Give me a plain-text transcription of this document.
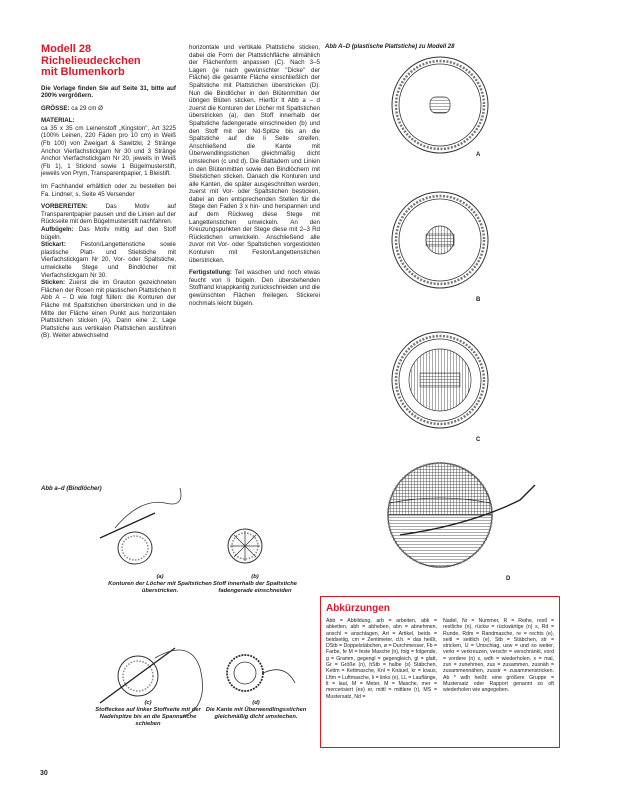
Modell 28
Richelieudeckchen
mit Blumenkorb

Die Vorlage finden Sie auf Seite 31, bitte auf 200% vergrößern.

GRÖSSE: ca 29 cm Ø

MATERIAL:
ca 35 x 35 cm Leinenstoff „Kingston", Art 3225 (100% Leinen, 220 Fäden pro 10 cm) in Weiß (Fb 100) von Zweigart & Sawitzki, 2 Stränge Anchor Vierfachstickgarn Nr 30 und 3 Stränge Anchor Vierfachstickgarn Nr 20, jeweils in Weiß (Fb 1), 1 Sticknd sowie 1 Bügelmusterstift, jeweils von Prym, Transparentpapier, 1 Bleistift.

Im Fachhandel erhältlich oder zu bestellen bei Fa. Lindner, s. Seite 45 Versender

VORBEREITEN:	Das Motiv auf Transparentpapier pausen und die Linien auf der Rückseite mit dem Bügelmusterstift nachfahren.
Aufbügeln: Das Motiv mittig auf den Stoff bügeln.
Stickart: Feston/Langettenstiche sowie plastische Platt- und Stielstiche mit Vierfachstickgarn Nr 20, Vor- oder Spaltstiche, umwickelte Stege und Bindlöcher mit Vierfachstickgarn Nr 30.
Sticken: Zuerst die im Grauton gezeichneten Flächen der Rosen mit plastischen Plattstichen lt Abb A – D wie folgt füllen: die Konturen der Fläche mit Spaltstichen überstricken und in die Mitte der Fläche einen Punkt aus horizontalen Plattstichen sticken (A). Dann eine 2. Lage Plattstiche aus vertikalen Plattstichen ausführen (B). Weiter abwechselnd

horizontale und vertikale Plattstiche sticken, dabei die Form der Plattstichfläche allmählich der Flächenform anpassen (C). Nach 3–5 Lagen (je nach gewünschter "Dicke" der Fläche) die gesamte Fläche einschließlich der Spaltstiche mit Plattstichen überstricken (D). Nun die Bindlöcher in den Blütenmitten der übrigen Blüten sticken. Hierfür lt Abb a – d zuerst die Konturen der Löcher mit Spaltstichen überstricken (a), den Stoff innerhalb der Spaltstiche fadengerade einschneiden (b) und den Stoff mit der Nd-Spitze bis an die Spaltstiche auf die li Seite streifen. Anschließend die Kante mit Überwendlingsstichen gleichmäßig dicht umstechen (c und d). Die Blattadern und Linien in den Blütenmitten sowie den Bindlöchern mit Stielstichen sticken. Danach die Konturen und alle Kanten, die später ausgeschnitten werden, zuerst mit Vor- oder Spaltstichen besticken, dabei an den entsprechenden Stellen für die Stege den Faden 3 x hin- und herspannen und auf dem Rückweg diese Stege mit Langettenstichen umwickeln. An den Kreuzungspunkten der Stege diese mit 2–3 Rd Rückstichen umwickeln. Anschließend alle zuvor mit Vor- oder Spaltstichen vorgestickten Konturen mit Feston/Langettenstichen überstricken.

Fertigstellung: Teil waschen und noch etwas feucht von li bügeln. Den überstehenden Stoffrand knappkantig zurückschneiden und die gewünschten Flächen freilegen. Stickerei nochmals leicht bügeln.

Abb A–D (plastische Plattstiche) zu Modell 28
A
B
C
D
Abb a–d (Bindlöcher)
(a)
Konturen der Löcher mit Spaltstichen überstricken.
(b)
Stoff innerhalb der Spaltstiche fadengerade einschneiden
(c)
Stoffeckee auf linker Stoffseite mit der Nadelspitze bis an die Spannstiche schieben
(d)
Die Kante mit Überwendlingsstichen gleichmäßig dicht umstechen.
Abkürzungen
Abb = Abbildung, arb = arbeiten, abk = abketten, abh = abheben, abn = abnehmen, anschl = anschlagen, Art = Artikel, beids = beidseitig, cm = Zentimeter, d.h. = das heißt, DStb = Doppelstäbchen, ø = Durchmesser, Fb = Farbe, fe M = feste Masche (n), folg = folgende, g = Gramm, gegengl = gegengleich, gl = glatt, Gr = Größe (n), hStb = halbe (s) Stäbchen, Kettm = Kettmasche, Knl = Knäuel, kr = kraus, Lftm = Luftmasche, li = links (e), LL = Lauflänge, lt = laut, M = Meter, M = Masche, mer = mercerisiert (es) er, mittl = mittlere (r), MS = Mustersatz, Nd =
Nadel, Nr = Nummer, R = Reihe, restl = restliche (n), rückw = rückwärtige (n) s, Rd = Runde, Rdm = Randmasche, re = rechts (e), seitl = seitlich (e), Stb = Stäbchen, str = stricken, U = Umschlag, usw = und so weiter, verkr = verkreuzen, verschr = verschränkt, vord = vordere (n) s, wdh = wiederholen, x = mal, zun = zunehmen, zus = zusammen, zusnäh = zusammennähen, zusstr = zusammenstricken. Ab * wdh heißt: eine größere Gruppe = Mustersatz oder Rapport genannt so oft wiederholen wie angegeben.
30
